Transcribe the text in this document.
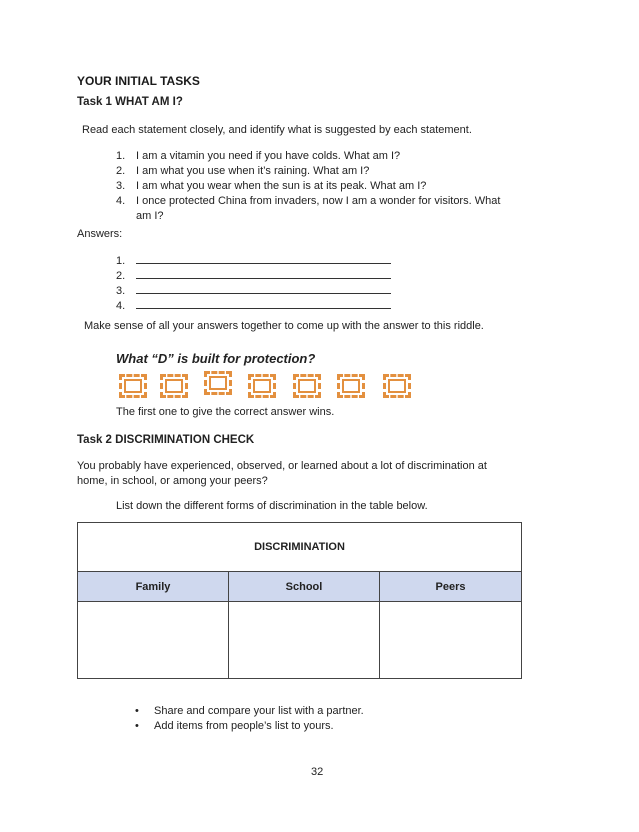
YOUR INITIAL TASKS
Task 1 WHAT AM I?
Read each statement closely, and identify what is suggested by each statement.
1. I am a vitamin you need if you have colds. What am I?
2. I am what you use when it’s raining. What am I?
3. I am what you wear when the sun is at its peak. What am I?
4. I once protected China from invaders, now I am a wonder for visitors. What
am I?
Answers:
1.
2.
3.
4.
Make sense of all your answers together to come up with the answer to this riddle.
What “D” is built for protection?
The first one to give the correct answer wins.
Task 2 DISCRIMINATION CHECK
You probably have experienced, observed, or learned about a lot of discrimination at
home, in school, or among your peers?
List down the different forms of discrimination in the table below.
DISCRIMINATION		
Family	School	Peers

• Share and compare your list with a partner.
• Add items from people’s list to yours.
32
